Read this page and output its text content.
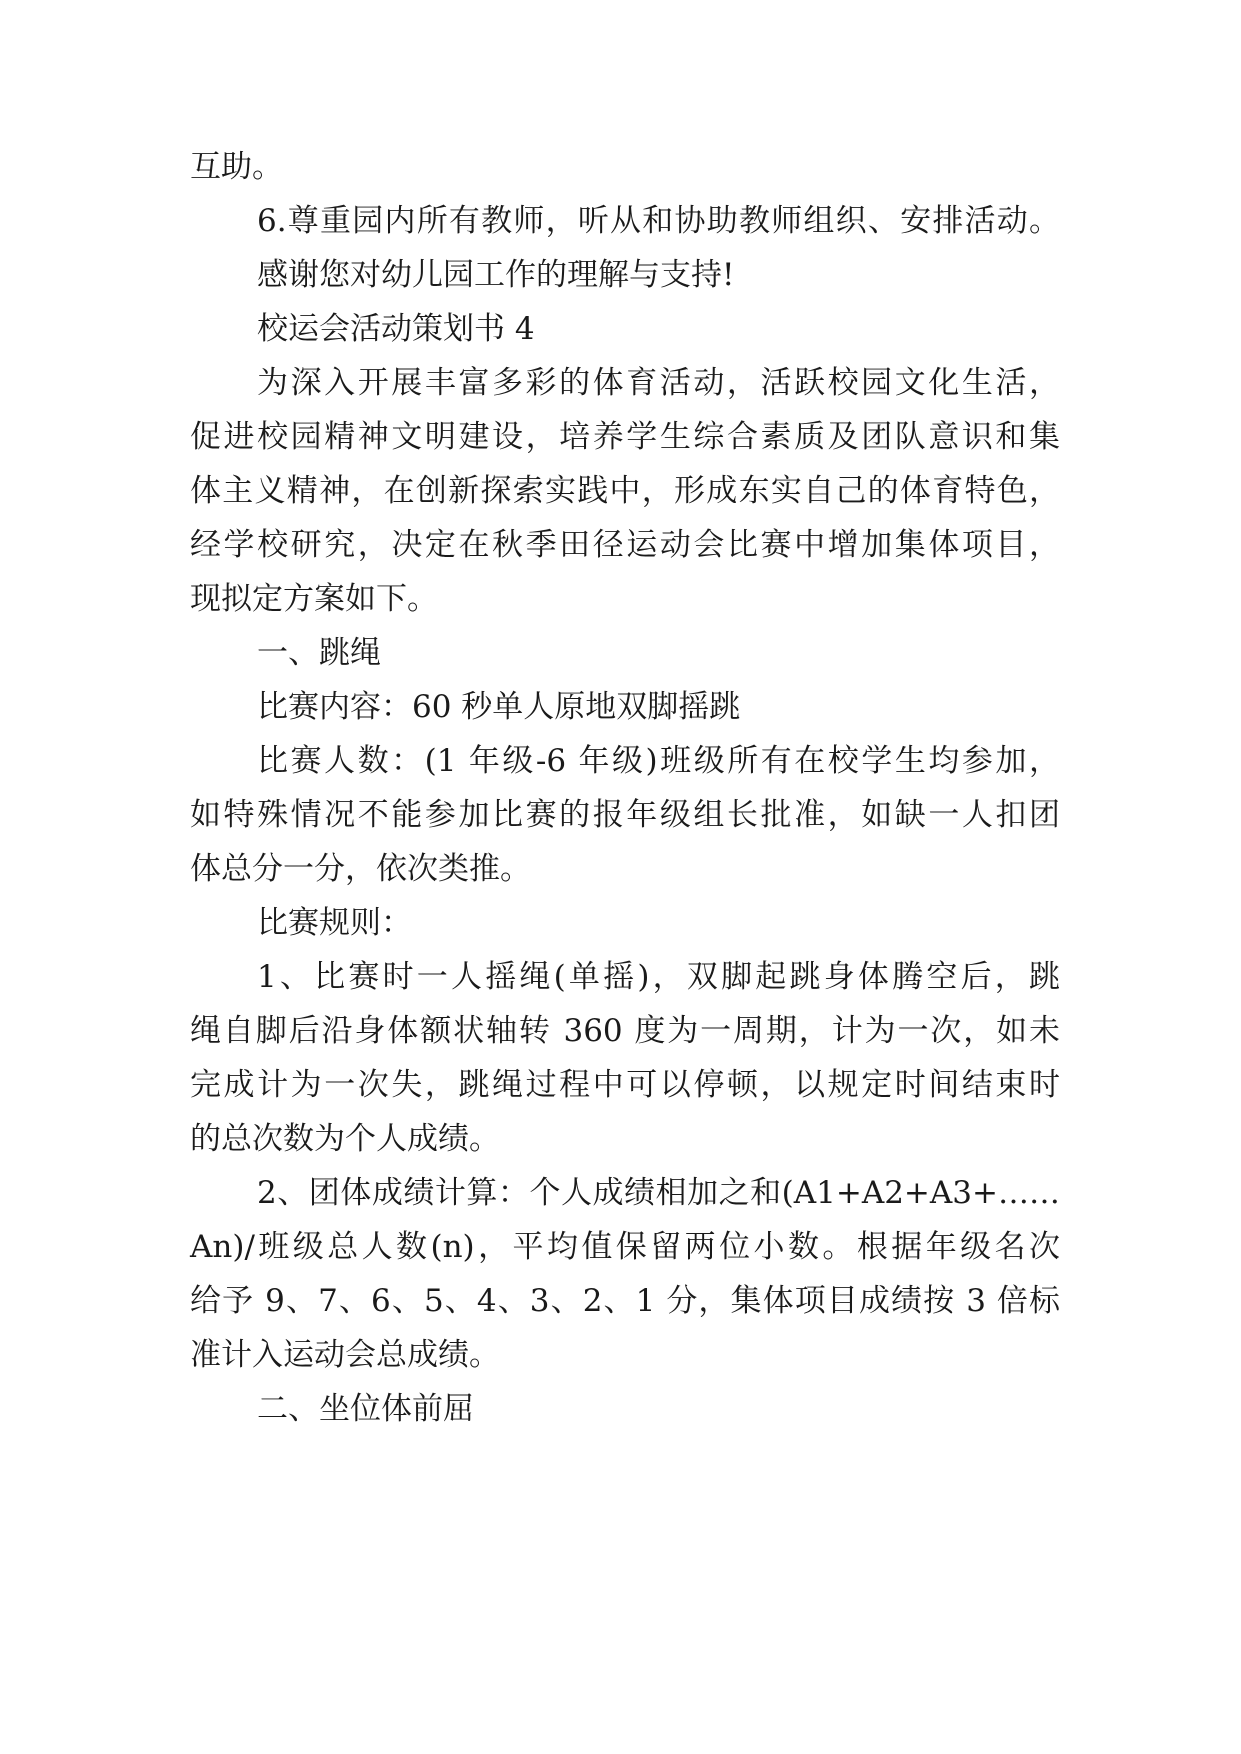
互助。
6.尊重园内所有教师，听从和协助教师组织、安排活动。
感谢您对幼儿园工作的理解与支持!
校运会活动策划书 4
为深入开展丰富多彩的体育活动，活跃校园文化生活，
促进校园精神文明建设，培养学生综合素质及团队意识和集
体主义精神，在创新探索实践中，形成东实自己的体育特色，
经学校研究，决定在秋季田径运动会比赛中增加集体项目，
现拟定方案如下。
一、跳绳
比赛内容：60 秒单人原地双脚摇跳
比赛人数：(1 年级-6 年级)班级所有在校学生均参加，
如特殊情况不能参加比赛的报年级组长批准，如缺一人扣团
体总分一分，依次类推。
比赛规则：
1、比赛时一人摇绳(单摇)，双脚起跳身体腾空后，跳
绳自脚后沿身体额状轴转 360 度为一周期，计为一次，如未
完成计为一次失，跳绳过程中可以停顿，以规定时间结束时
的总次数为个人成绩。
2、团体成绩计算：个人成绩相加之和(A1+A2+A3+……
An)/班级总人数(n)，平均值保留两位小数。根据年级名次
给予 9、7、6、5、4、3、2、1 分，集体项目成绩按 3 倍标
准计入运动会总成绩。
二、坐位体前屈
